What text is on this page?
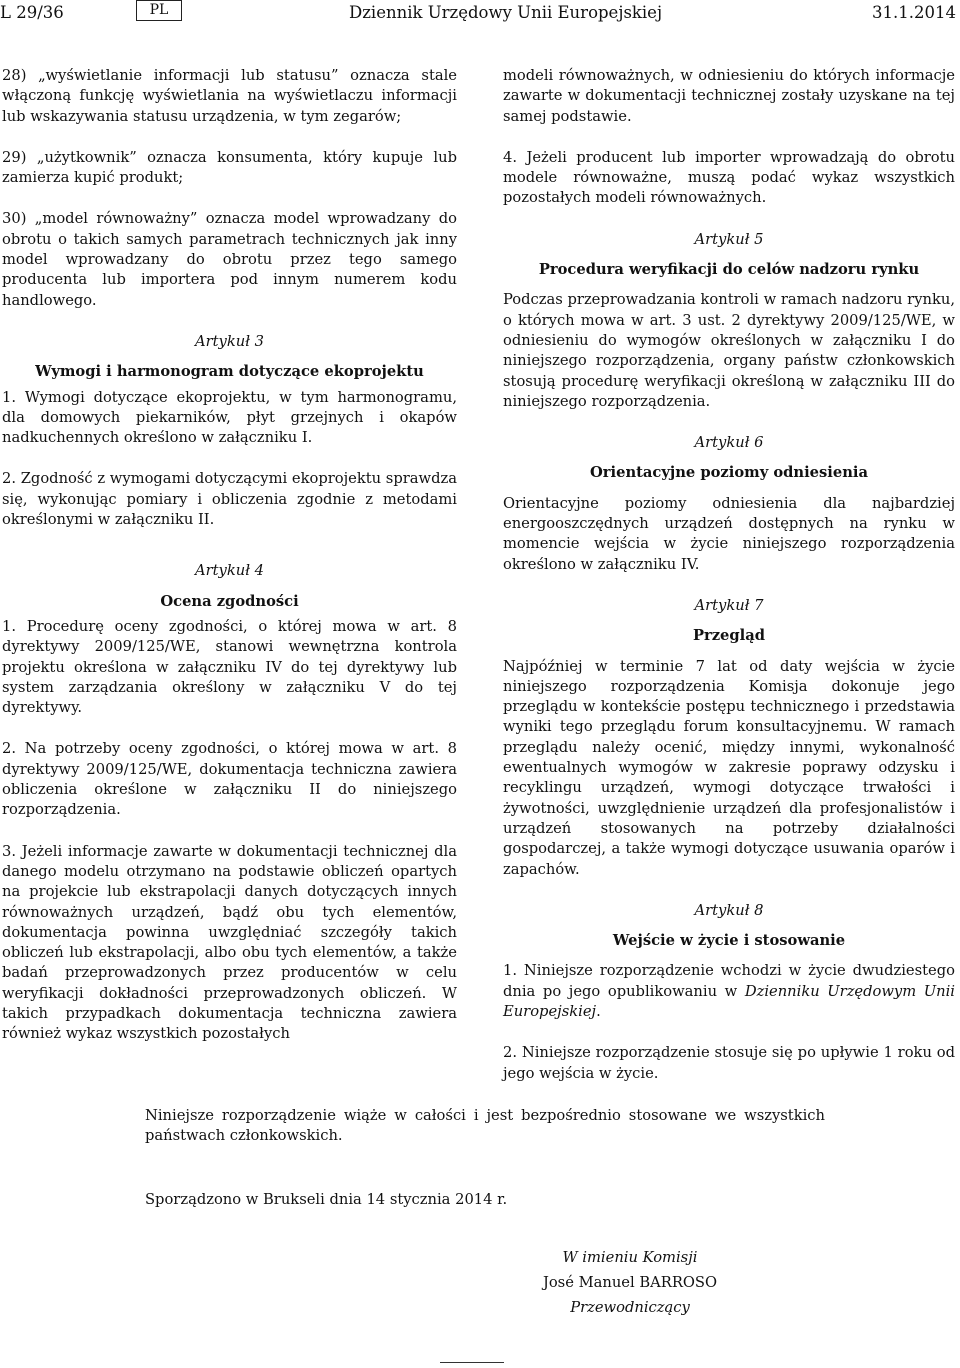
L 29/36	PL	Dziennik Urzędowy Unii Europejskiej	31.1.2014

28) „wyświetlanie informacji lub statusu” oznacza stale włączoną funkcję wyświetlania na wyświetlaczu informacji lub wskazywania statusu urządzenia, w tym zegarów;

29) „użytkownik” oznacza konsumenta, który kupuje lub zamierza kupić produkt;

30) „model równoważny” oznacza model wprowadzany do obrotu o takich samych parametrach technicznych jak inny model wprowadzany do obrotu przez tego samego producenta lub importera pod innym numerem kodu handlowego.

Artykuł 3

Wymogi i harmonogram dotyczące ekoprojektu

1. Wymogi dotyczące ekoprojektu, w tym harmonogramu, dla domowych piekarników, płyt grzejnych i okapów nadkuchennych określono w załączniku I.

2. Zgodność z wymogami dotyczącymi ekoprojektu sprawdza się, wykonując pomiary i obliczenia zgodnie z metodami określonymi w załączniku II.

Artykuł 4

Ocena zgodności

1. Procedurę oceny zgodności, o której mowa w art. 8 dyrektywy 2009/125/WE, stanowi wewnętrzna kontrola projektu określona w załączniku IV do tej dyrektywy lub system zarządzania określony w załączniku V do tej dyrektywy.

2. Na potrzeby oceny zgodności, o której mowa w art. 8 dyrektywy 2009/125/WE, dokumentacja techniczna zawiera obliczenia określone w załączniku II do niniejszego rozporządzenia.

3. Jeżeli informacje zawarte w dokumentacji technicznej dla danego modelu otrzymano na podstawie obliczeń opartych na projekcie lub ekstrapolacji danych dotyczących innych równoważnych urządzeń, bądź obu tych elementów, dokumentacja powinna uwzględniać szczegóły takich obliczeń lub ekstrapolacji, albo obu tych elementów, a także badań przeprowadzonych przez producentów w celu weryfikacji dokładności przeprowadzonych obliczeń. W takich przypadkach dokumentacja techniczna zawiera również wykaz wszystkich pozostałych

modeli równoważnych, w odniesieniu do których informacje zawarte w dokumentacji technicznej zostały uzyskane na tej samej podstawie.

4. Jeżeli producent lub importer wprowadzają do obrotu modele równoważne, muszą podać wykaz wszystkich pozostałych modeli równoważnych.

Artykuł 5

Procedura weryfikacji do celów nadzoru rynku

Podczas przeprowadzania kontroli w ramach nadzoru rynku, o których mowa w art. 3 ust. 2 dyrektywy 2009/125/WE, w odniesieniu do wymogów określonych w załączniku I do niniejszego rozporządzenia, organy państw członkowskich stosują procedurę weryfikacji określoną w załączniku III do niniejszego rozporządzenia.

Artykuł 6

Orientacyjne poziomy odniesienia

Orientacyjne poziomy odniesienia dla najbardziej energooszczędnych urządzeń dostępnych na rynku w momencie wejścia w życie niniejszego rozporządzenia określono w załączniku IV.

Artykuł 7

Przegląd

Najpóźniej w terminie 7 lat od daty wejścia w życie niniejszego rozporządzenia Komisja dokonuje jego przeglądu w kontekście postępu technicznego i przedstawia wyniki tego przeglądu forum konsultacyjnemu. W ramach przeglądu należy ocenić, między innymi, wykonalność ewentualnych wymogów w zakresie poprawy odzysku i recyklingu urządzeń, wymogi dotyczące trwałości i żywotności, uwzględnienie urządzeń dla profesjonalistów i urządzeń stosowanych na potrzeby działalności gospodarczej, a także wymogi dotyczące usuwania oparów i zapachów.

Artykuł 8

Wejście w życie i stosowanie

1. Niniejsze rozporządzenie wchodzi w życie dwudziestego dnia po jego opublikowaniu w Dzienniku Urzędowym Unii Europejskiej.

2. Niniejsze rozporządzenie stosuje się po upływie 1 roku od jego wejścia w życie.

Niniejsze rozporządzenie wiąże w całości i jest bezpośrednio stosowane we wszystkich państwach członkowskich.

Sporządzono w Brukseli dnia 14 stycznia 2014 r.

W imieniu Komisji
José Manuel BARROSO
Przewodniczący
